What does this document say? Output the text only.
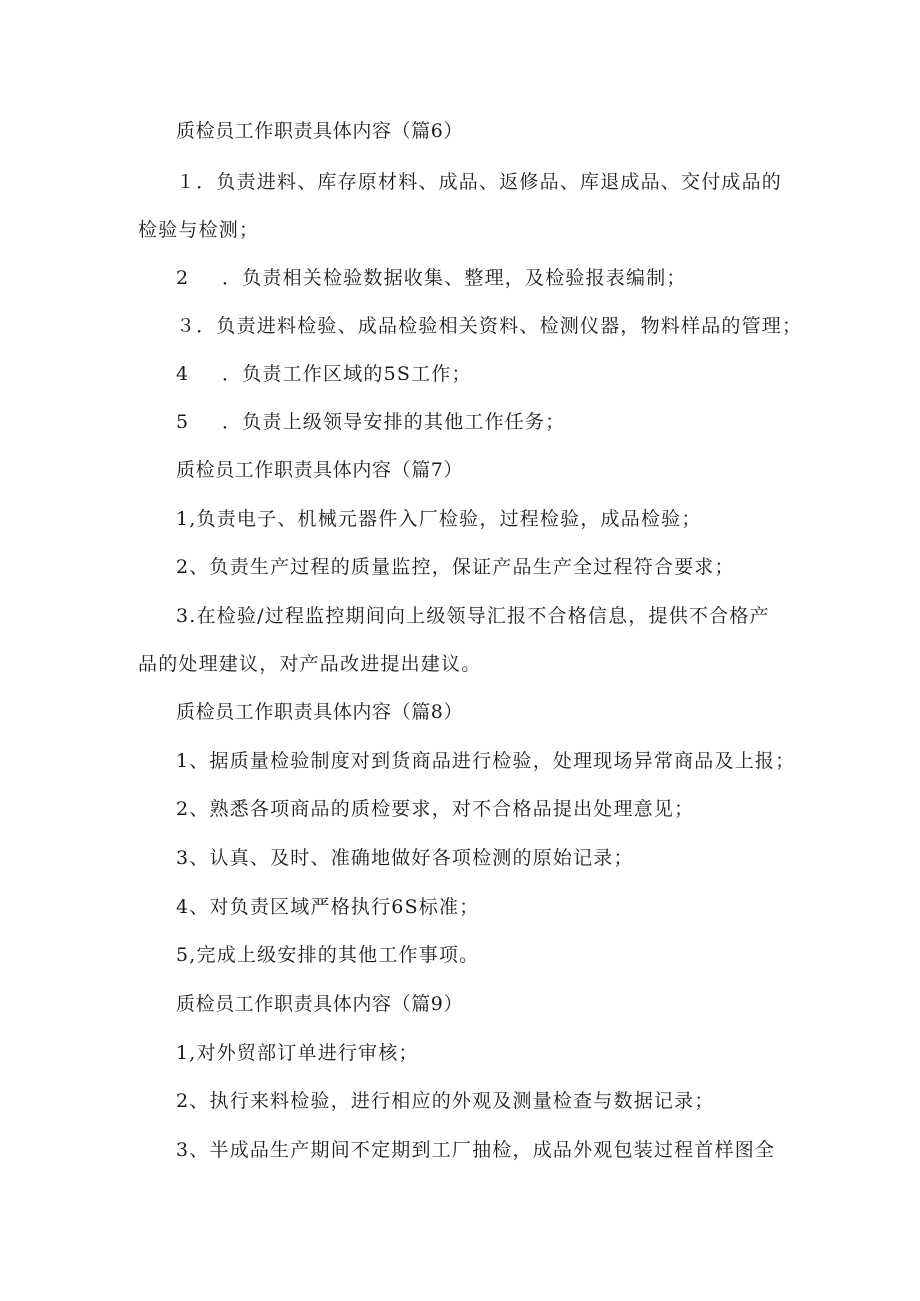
质检员工作职责具体内容（篇6）
１．负责进料、库存原材料、成品、返修品、库退成品、交付成品的
检验与检测；
2 ．负责相关检验数据收集、整理，及检验报表编制；
３．负责进料检验、成品检验相关资料、检测仪器，物料样品的管理；
4 ．负责工作区域的5S工作；
5 ．负责上级领导安排的其他工作任务；
质检员工作职责具体内容（篇7）
1,负责电子、机械元器件入厂检验，过程检验，成品检验；
2、负责生产过程的质量监控，保证产品生产全过程符合要求；
3.在检验/过程监控期间向上级领导汇报不合格信息，提供不合格产
品的处理建议，对产品改进提出建议。
质检员工作职责具体内容（篇8）
1、据质量检验制度对到货商品进行检验，处理现场异常商品及上报；
2、熟悉各项商品的质检要求，对不合格品提出处理意见；
3、认真、及时、准确地做好各项检测的原始记录；
4、对负责区域严格执行6S标准；
5,完成上级安排的其他工作事项。
质检员工作职责具体内容（篇9）
1,对外贸部订单进行审核；
2、执行来料检验，进行相应的外观及测量检查与数据记录；
3、半成品生产期间不定期到工厂抽检，成品外观包装过程首样图全
